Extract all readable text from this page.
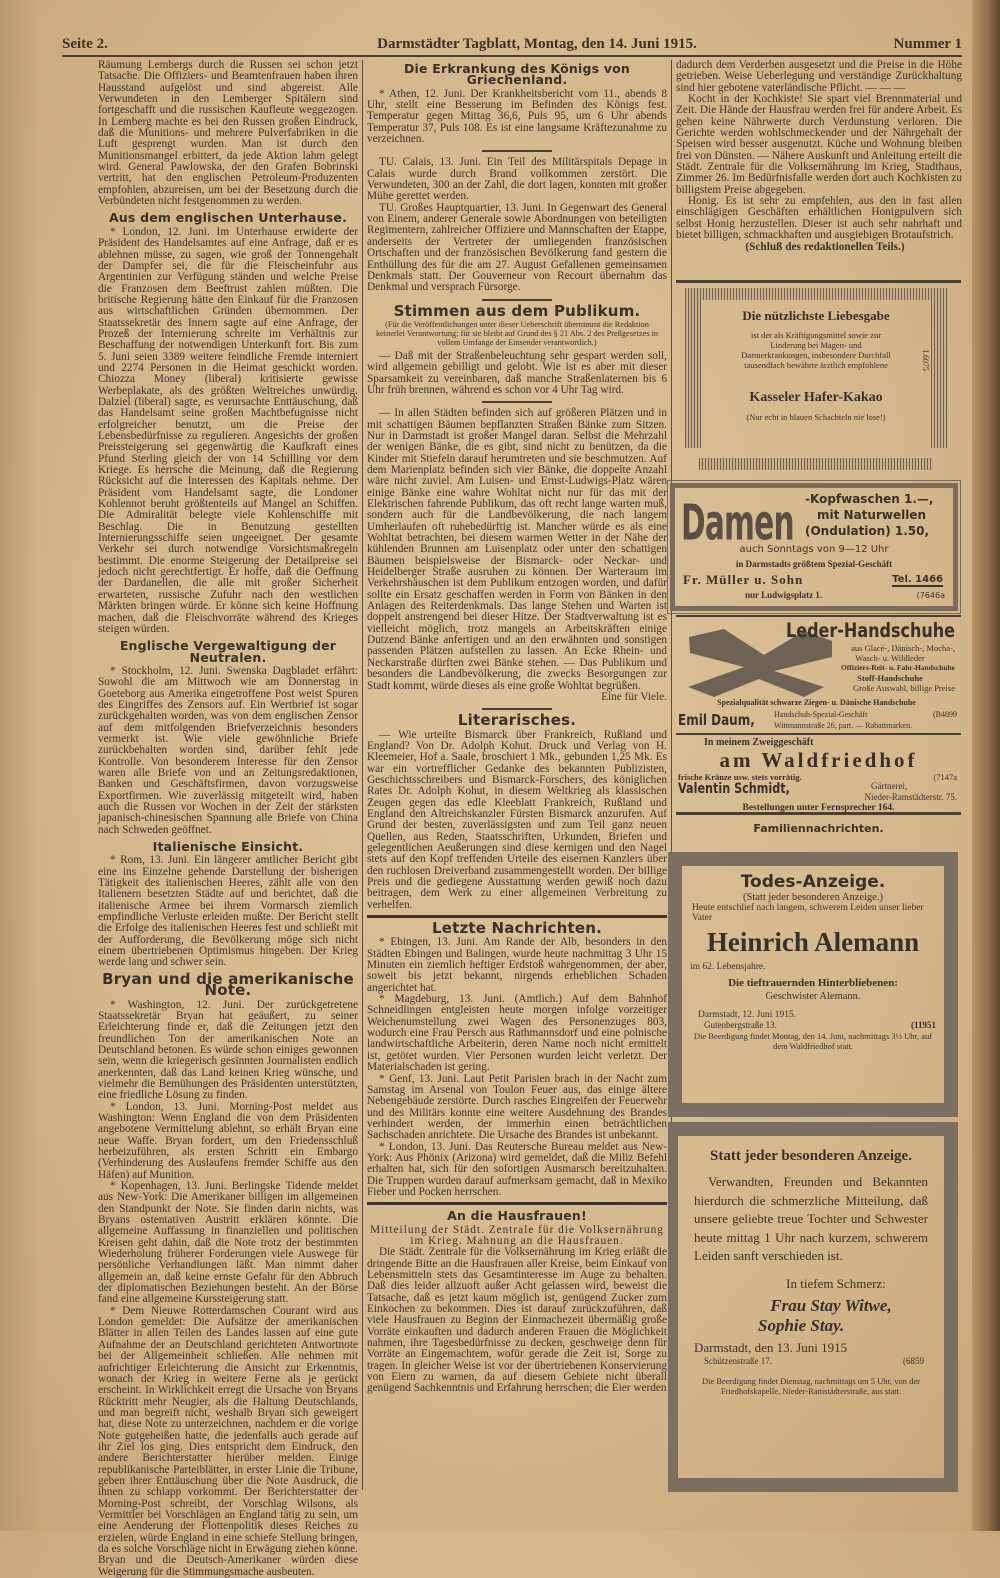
Seite 2.	Darmstädter Tagblatt, Montag, den 14. Juni 1915.	Nummer 1

Räumung Lembergs durch die Russen sei schon jetzt Tatsache. Die Offiziers- und Beamtenfrauen haben ihren Hausstand aufgelöst und sind abgereist. Alle Verwundeten in den Lemberger Spitälern sind fortgeschafft und die russischen Kaufleute weggezogen. In Lemberg machte es bei den Russen großen Eindruck, daß die Munitions- und mehrere Pulverfabriken in die Luft gesprengt wurden. Man ist durch den Munitionsmangel erbittert, da jede Aktion lahm gelegt wird. General Pawlowska, der den Grafen Bobrinski vertritt, hat den englischen Petroleum-Produzenten empfohlen, abzureisen, um bei der Besetzung durch die Verbündeten nicht festgenommen zu werden.

Aus dem englischen Unterhause.

* London, 12. Juni. Im Unterhause erwiderte der Präsident des Handelsamtes auf eine Anfrage, daß er es ablehnen müsse, zu sagen, wie groß der Tonnengehalt der Dampfer sei, die für die Fleischeinfuhr aus Argentinien zur Verfügung ständen und welche Preise die Franzosen dem Beeftrust zahlen müßten. Die britische Regierung hätte den Einkauf für die Franzosen aus wirtschaftlichen Gründen übernommen. Der Staatssekretär des Innern sagte auf eine Anfrage, der Prozeß der Internierung schreite im Verhältnis zur Beschaffung der notwendigen Unterkunft fort. Bis zum 5. Juni seien 3389 weitere feindliche Fremde interniert und 2274 Personen in die Heimat geschickt worden. Chiozza Money (liberal) kritisierte gewisse Werbeplakate, als des größten Weltreiches unwürdig. Dalziel (liberal) sagte, es verursachte Enttäuschung, daß das Handelsamt seine großen Machtbefugnisse nicht erfolgreicher benutzt, um die Preise der Lebensbedürfnisse zu regulieren. Angesichts der großen Preissteigerung sei gegenwärtig die Kaufkraft eines Pfund Sterling gleich der von 14 Schilling vor dem Kriege. Es herrsche die Meinung, daß die Regierung Rücksicht auf die Interessen des Kapitals nehme. Der Präsident vom Handelsamt sagte, die Londoner Kohlennot beruht größtenteils auf Mangel an Schiffen. Die Admiralität belegte viele Kohlenschiffe mit Beschlag. Die in Benutzung gestellten Internierungsschiffe seien ungeeignet. Der gesamte Verkehr sei durch notwendige Vorsichtsmaßregeln bestimmt. Die enorme Steigerung der Detailpreise sei jedoch nicht gerechtfertigt. Er hoffe, daß die Oeffnung der Dardanellen, die alle mit großer Sicherheit erwarteten, russische Zufuhr nach den westlichen Märkten bringen würde. Er könne sich keine Hoffnung machen, daß die Fleischvorräte während des Krieges steigen würden.

Englische Vergewaltigung der Neutralen.

* Stockholm, 12. Juni. Swenska Dagbladet erfährt: Sowohl die am Mittwoch wie am Donnerstag in Goeteborg aus Amerika eingetroffene Post weist Spuren des Eingriffes des Zensors auf. Ein Wertbrief ist sogar zurückgehalten worden, was von dem englischen Zensor auf dem mitfolgenden Briefverzeichnis besonders vermerkt ist. Wie viele gewöhnliche Briefe zurückbehalten worden sind, darüber fehlt jede Kontrolle. Von besonderem Interesse für den Zensor waren alle Briefe von und an Zeitungsredaktionen, Banken und Geschäftsfirmen, davon vorzugsweise Exportfirmen. Wie zuverlässig mitgeteilt wird, haben auch die Russen vor Wochen in der Zeit der stärksten japanisch-chinesischen Spannung alle Briefe von China nach Schweden geöffnet.

Italienische Einsicht.

* Rom, 13. Juni. Ein längerer amtlicher Bericht gibt eine ins Einzelne gehende Darstellung der bisherigen Tätigkeit des italienischen Heeres, zählt alle von den Italienern besetzten Städte auf und berichtet, daß die italienische Armee bei ihrem Vormarsch ziemlich empfindliche Verluste erleiden mußte. Der Bericht stellt die Erfolge des italienischen Heeres fest und schließt mit der Aufforderung, die Bevölkerung möge sich nicht einem übertriebenen Optimismus hingeben. Der Krieg werde lang und schwer sein.

Bryan und die amerikanische Note.

* Washington, 12. Juni. Der zurückgetretene Staatssekretär Bryan hat geäußert, zu seiner Erleichterung finde er, daß die Zeitungen jetzt den freundlichen Ton der amerikanischen Note an Deutschland betonen. Es würde schon einiges gewonnen sein, wenn die kriegerisch gesinnten Journalisten endlich anerkennten, daß das Land keinen Krieg wünsche, und vielmehr die Bemühungen des Präsidenten unterstützten, eine friedliche Lösung zu finden.

* London, 13. Juni. Morning-Post meldet aus Washington: Wenn England die von dem Präsidenten angebotene Vermittelung ablehnt, so erhält Bryan eine neue Waffe. Bryan fordert, um den Friedensschluß herbeizuführen, als ersten Schritt ein Embargo (Verhinderung des Auslaufens fremder Schiffe aus den Häfen) auf Munition.

* Kopenhagen, 13. Juni. Berlingske Tidende meldet aus New-York: Die Amerikaner billigen im allgemeinen den Standpunkt der Note. Sie finden darin nichts, was Bryans ostentativen Austritt erklären könnte. Die allgemeine Auffassung in finanziellen und politischen Kreisen geht dahin, daß die Note trotz der bestimmten Wiederholung früherer Forderungen viele Auswege für persönliche Verhandlungen läßt. Man nimmt daher allgemein an, daß keine ernste Gefahr für den Abbruch der diplomatischen Beziehungen besteht. An der Börse fand eine allgemeine Kurssteigerung statt.

* Dem Nieuwe Rotterdamschen Courant wird aus London gemeldet: Die Aufsätze der amerikanischen Blätter in allen Teilen des Landes lassen auf eine gute Aufnahme der an Deutschland gerichteten Antwortnote bei der Allgemeinheit schließen. Alle nehmen mit aufrichtiger Erleichterung die Ansicht zur Erkenntnis, wonach der Krieg in weitere Ferne als je gerückt erscheint. In Wirklichkeit erregt die Ursache von Bryans Rücktritt mehr Neugier, als die Haltung Deutschlands, und man begreift nicht, weshalb Bryan sich geweigert hat, diese Note zu unterzeichnen, nachdem er die vorige Note gutgeheißen hatte, die jedenfalls auch gerade auf ihr Ziel los ging. Dies entspricht dem Eindruck, den andere Berichterstatter hierüber melden. Einige republikanische Parteiblätter, in erster Linie die Tribune, geben ihrer Enttäuschung über die Note Ausdruck, die ihnen zu schlapp vorkommt. Der Berichterstatter der Morning-Post schreibt, der Vorschlag Wilsons, als Vermittler bei Vorschlägen an England tätig zu sein, um eine Aenderung der Flottenpolitik dieses Reiches zu erzielen, würde England in eine schiefe Stellung bringen, da es solche Vorschläge nicht in Erwägung ziehen könne. Bryan und die Deutsch-Amerikaner würden diese Weigerung für die Stimmungsmache ausbeuten.

Die Erkrankung des Königs von Griechenland.

* Athen, 12. Juni. Der Krankheitsbericht vom 11., abends 8 Uhr, stellt eine Besserung im Befinden des Königs fest. Temperatur gegen Mittag 36,6, Puls 95, um 6 Uhr abends Temperatur 37, Puls 108. Es ist eine langsame Kräftezunahme zu verzeichnen.

TU. Calais, 13. Juni. Ein Teil des Militärspitals Depage in Calais wurde durch Brand vollkommen zerstört. Die Verwundeten, 300 an der Zahl, die dort lagen, konnten mit großer Mühe gerettet werden.

TU. Großes Hauptquartier, 13. Juni. In Gegenwart des General von Einem, anderer Generale sowie Abordnungen von beteiligten Regimentern, zahlreicher Offiziere und Mannschaften der Etappe, anderseits der Vertreter der umliegenden französischen Ortschaften und der französischen Bevölkerung fand gestern die Enthüllung des für die am 27. August Gefallenen gemeinsamen Denkmals statt. Der Gouverneur von Recourt übernahm das Denkmal und versprach Fürsorge.

Stimmen aus dem Publikum.

(Für die Veröffentlichungen unter dieser Ueberschrift übernimmt die Redaktion keinerlei Verantwortung; für sie bleibt auf Grund des § 21 Abs. 2 des Preßgesetzes in vollem Umfange der Einsender verantwortlich.)

— Daß mit der Straßenbeleuchtung sehr gespart werden soll, wird allgemein gebilligt und gelobt. Wie ist es aber mit dieser Sparsamkeit zu vereinbaren, daß manche Straßenlaternen bis 6 Uhr früh brennen, während es schon vor 4 Uhr Tag wird.

— In allen Städten befinden sich auf größeren Plätzen und in mit schattigen Bäumen bepflanzten Straßen Bänke zum Sitzen. Nur in Darmstadt ist großer Mangel daran. Selbst die Mehrzahl der wenigen Bänke, die es gibt, sind nicht zu benützen, da die Kinder mit Stiefeln darauf herumtreten und sie beschmutzen. Auf dem Marienplatz befinden sich vier Bänke, die doppelte Anzahl wäre nicht zuviel. Am Luisen- und Ernst-Ludwigs-Platz wären einige Bänke eine wahre Wohltat nicht nur für das mit der Elektrischen fahrende Publikum, das oft recht lange warten muß, sondern auch für die Landbevölkerung, die nach langem Umherlaufen oft ruhebedürftig ist. Mancher würde es als eine Wohltat betrachten, bei diesem warmen Wetter in der Nähe der kühlenden Brunnen am Luisenplatz oder unter den schattigen Bäumen beispielsweise der Bismarck- oder Neckar- und Heidelberger Straße ausruhen zu können. Der Warteraum im Verkehrshäuschen ist dem Publikum entzogen worden, und dafür sollte ein Ersatz geschaffen werden in Form von Bänken in den Anlagen des Reiterdenkmals. Das lange Stehen und Warten ist doppelt anstrengend bei dieser Hitze. Der Stadtverwaltung ist es vielleicht möglich, trotz mangels an Arbeitskräften einige Dutzend Bänke anfertigen und an den erwähnten und sonstigen passenden Plätzen aufstellen zu lassen. An Ecke Rhein- und Neckarstraße dürften zwei Bänke stehen. — Das Publikum und besonders die Landbevölkerung, die zwecks Besorgungen zur Stadt kommt, würde dieses als eine große Wohltat begrüßen.

Eine für Viele.

Literarisches.

— Wie urteilte Bismarck über Frankreich, Rußland und England? Von Dr. Adolph Kohut. Druck und Verlag von H. Kleemeier, Hof a. Saale, broschiert 1 Mk., gebunden 1,25 Mk. Es war ein vortrefflicher Gedanke des bekannten Publizisten, Geschichtsschreibers und Bismarck-Forschers, des königlichen Rates Dr. Adolph Kohut, in diesem Weltkrieg als klassischen Zeugen gegen das edle Kleeblatt Frankreich, Rußland und England den Altreichskanzler Fürsten Bismarck anzurufen. Auf Grund der besten, zuverlässigsten und zum Teil ganz neuen Quellen, aus Reden, Staatsschriften, Urkunden, Briefen und gelegentlichen Aeußerungen sind diese kernigen und den Nagel stets auf den Kopf treffenden Urteile des eisernen Kanzlers über den ruchlosen Dreiverband zusammengestellt worden. Der billige Preis und die gediegene Ausstattung werden gewiß noch dazu beitragen, dem Werk zu einer allgemeinen Verbreitung zu verhelfen.

Letzte Nachrichten.

* Ebingen, 13. Juni. Am Rande der Alb, besonders in den Städten Ebingen und Balingen, wurde heute nachmittag 3 Uhr 15 Minuten ein ziemlich heftiger Erdstoß wahrgenommen, der aber, soweit bis jetzt bekannt, nirgends erheblichen Schaden angerichtet hat.

* Magdeburg, 13. Juni. (Amtlich.) Auf dem Bahnhof Schneidlingen entgleisten heute morgen infolge vorzeitiger Weichenumstellung zwei Wagen des Personenzuges 803, wodurch eine Frau Persch aus Rathmannsdorf und eine polnische landwirtschaftliche Arbeiterin, deren Name noch nicht ermittelt ist, getötet wurden. Vier Personen wurden leicht verletzt. Der Materialschaden ist gering.

* Genf, 13. Juni. Laut Petit Parisien brach in der Nacht zum Samstag im Arsenal von Toulon Feuer aus, das einige ältere Nebengebäude zerstörte. Durch rasches Eingreifen der Feuerwehr und des Militärs konnte eine weitere Ausdehnung des Brandes verhindert werden, der immerhin einen beträchtlichen Sachschaden anrichtete. Die Ursache des Brandes ist unbekannt.

* London, 13. Juni. Das Reutersche Bureau meldet aus New-York: Aus Phönix (Arizona) wird gemeldet, daß die Miliz Befehl erhalten hat, sich für den sofortigen Ausmarsch bereitzuhalten. Die Truppen wurden darauf aufmerksam gemacht, daß in Mexiko Fieber und Pocken herrschen.

An die Hausfrauen!

Mitteilung der Städt. Zentrale für die Volksernährung im Krieg. Mahnung an die Hausfrauen.

Die Städt. Zentrale für die Volksernährung im Krieg erläßt die dringende Bitte an die Hausfrauen aller Kreise, beim Einkauf von Lebensmitteln stets das Gesamtinteresse im Auge zu behalten. Daß dies leider allzuoft außer Acht gelassen wird, beweist die Tatsache, daß es jetzt kaum möglich ist, genügend Zucker zum Einkochen zu bekommen. Dies ist darauf zurückzuführen, daß viele Hausfrauen zu Beginn der Einmachezeit übermäßig große Vorräte einkauften und dadurch anderen Frauen die Möglichkeit nahmen, ihre Tagesbedürfnisse zu decken, geschweige denn für Vorräte an Eingemachtem, wofür gerade die Zeit ist, Sorge zu tragen. In gleicher Weise ist vor der übertriebenen Konservierung von Eiern zu warnen, da auf diesem Gebiete nicht überall genügend Sachkenntnis und Erfahrung herrschen; die Eier werden

dadurch dem Verderben ausgesetzt und die Preise in die Höhe getrieben. Weise Ueberlegung und verständige Zurückhaltung sind hier gebotene vaterländische Pflicht. — — —

Kocht in der Kochkiste! Sie spart viel Brennmaterial und Zeit. Die Hände der Hausfrau werden frei für andere Arbeit. Es gehen keine Nährwerte durch Verdunstung verloren. Die Gerichte werden wohlschmeckender und der Nährgehalt der Speisen wird besser ausgenutzt. Küche und Wohnung bleiben frei von Dünsten. — Nähere Auskunft und Anleitung erteilt die Städt. Zentrale für die Volksernährung im Krieg, Stadthaus, Zimmer 26. Im Bedürfnisfalle werden dort auch Kochkisten zu billigstem Preise abgegeben.

Honig. Es ist sehr zu empfehlen, aus den in fast allen einschlägigen Geschäften erhältlichen Honigpulvern sich selbst Honig herzustellen. Dieser ist auch sehr nahrhaft und bietet billigen, schmackhaften und ausgiebigen Brotaufstrich.

(Schluß des redaktionellen Teils.)

Die nützlichste Liebesgabe
ist der als Kräftigungsmittel sowie zur Linderung bei Magen- und Darmerkrankungen, insbesondere Durchfall tausendfach bewährte ärztlich empfohlene
Kasseler Hafer-Kakao
(Nur echt in blauen Schachteln nie lose!)
L6075
Damen -Kopfwaschen 1.—,
mit Naturwellen
(Ondulation) 1.50,
auch Sonntags von 9—12 Uhr
in Darmstadts größtem Spezial-Geschäft
Fr. Müller u. Sohn	Tel. 1466
nur Ludwigsplatz 1.	(7646a
Leder-Handschuhe
aus Glacé-, Dänisch-, Mocha-,
Wasch- u. Wildleder
Offiziers-Reit- u. Fahr-Handschuhe
Stoff-Handschuhe
Große Auswahl, billige Preise
Spezialqualität schwarze Ziegen- u. Dänische Handschuhe
Emil Daum, Handschuh-Spezial-Geschäft	(B4899
Wittmannstraße 26, part. — Rabattmarken.
In meinem Zweiggeschäft
am Waldfriedhof
frische Kränze usw. stets vorrätig.	(7147a
Valentin Schmidt,	Gärtnerei,
Nieder-Ramstädterstr. 75.
Bestellungen unter Fernsprecher 164.
Familiennachrichten.
Todes-Anzeige.
(Statt jeder besonderen Anzeige.)
Heute entschlief nach langem, schwerem Leiden unser lieber Vater
Heinrich Alemann
im 62. Lebensjahre.
Die tieftrauernden Hinterbliebenen:
Geschwister Alemann.
Darmstadt, 12. Juni 1915.
Gutenbergstraße 13.	(11951
Die Beerdigung findet Montag, den 14. Juni, nachmittags 3½ Uhr, auf dem Waldfriedhof statt.
Statt jeder besonderen Anzeige.
Verwandten, Freunden und Bekannten hierdurch die schmerzliche Mitteilung, daß unsere geliebte treue Tochter und Schwester heute mittag 1 Uhr nach kurzem, schwerem Leiden sanft verschieden ist.
In tiefem Schmerz:
Frau Stay Witwe,
Sophie Stay.
Darmstadt, den 13. Juni 1915
Schützenstraße 17.	(6859
Die Beerdigung findet Dienstag, nachmittags um 5 Uhr, von der Friedhofskapelle, Nieder-Ramstädterstraße, aus statt.
